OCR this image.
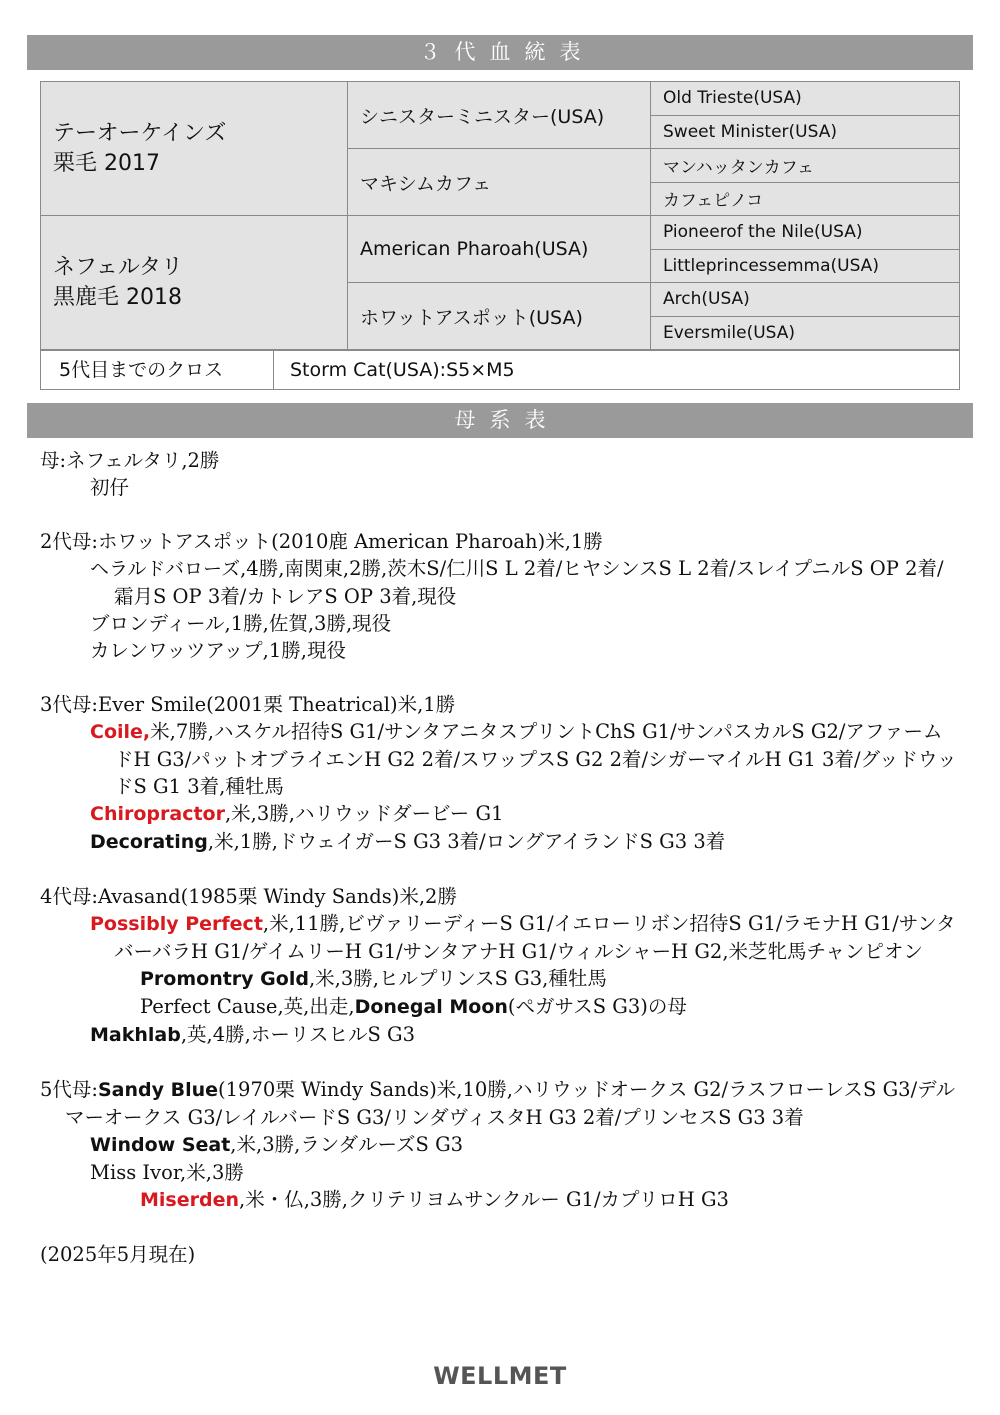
３代血統表
テーオーケインズ
栗毛 2017	シニスターミニスター(USA)	Old Trieste(USA)
		Sweet Minister(USA)
	マキシムカフェ	マンハッタンカフェ
		カフェピノコ

ネフェルタリ
黒鹿毛 2018	American Pharoah(USA)	Pioneerof the Nile(USA)
		Littleprincessemma(USA)
	ホワットアスポット(USA)	Arch(USA)
		Eversmile(USA)
5代目までのクロス	Storm Cat(USA):S5×M5
母系表
母:ネフェルタリ,2勝
初仔
2代母:ホワットアスポット(2010鹿 American Pharoah)米,1勝
ヘラルドバローズ,4勝,南関東,2勝,茨木S/仁川S L 2着/ヒヤシンスS L 2着/スレイプニルS OP 2着/霜月S OP 3着/カトレアS OP 3着,現役
ブロンディール,1勝,佐賀,3勝,現役
カレンワッツアップ,1勝,現役
3代母:Ever Smile(2001栗 Theatrical)米,1勝
Coile,米,7勝,ハスケル招待S G1/サンタアニタスプリントChS G1/サンパスカルS G2/アファームドH G3/パットオブライエンH G2 2着/スワップスS G2 2着/シガーマイルH G1 3着/グッドウッドS G1 3着,種牡馬
Chiropractor,米,3勝,ハリウッドダービー G1
Decorating,米,1勝,ドウェイガーS G3 3着/ロングアイランドS G3 3着
4代母:Avasand(1985栗 Windy Sands)米,2勝
Possibly Perfect,米,11勝,ビヴァリーディーS G1/イエローリボン招待S G1/ラモナH G1/サンタバーバラH G1/ゲイムリーH G1/サンタアナH G1/ウィルシャーH G2,米芝牝馬チャンピオン
Promontry Gold,米,3勝,ヒルプリンスS G3,種牡馬
Perfect Cause,英,出走,Donegal Moon(ペガサスS G3)の母
Makhlab,英,4勝,ホーリスヒルS G3
5代母:Sandy Blue(1970栗 Windy Sands)米,10勝,ハリウッドオークス G2/ラスフローレスS G3/デルマーオークス G3/レイルバードS G3/リンダヴィスタH G3 2着/プリンセスS G3 3着
Window Seat,米,3勝,ランダルーズS G3
Miss Ivor,米,3勝
Miserden,米・仏,3勝,クリテリヨムサンクルー G1/カプリロH G3
(2025年5月現在)
WELLMET
